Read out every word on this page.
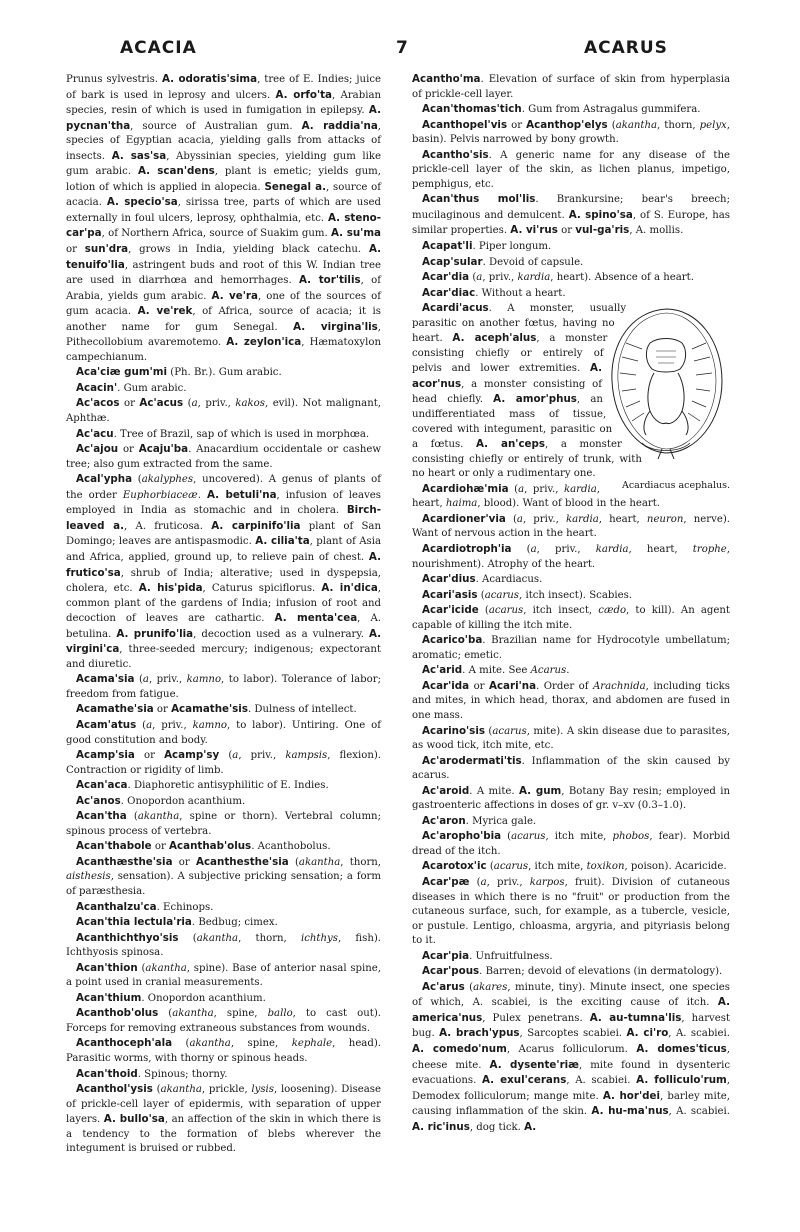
ACACIA	7	ACARUS

Prunus sylvestris. A. odoratis'sima, tree of E. Indies; juice of bark is used in leprosy and ulcers. A. orfo'ta, Arabian species, resin of which is used in fumigation in epilepsy. A. pycnan'tha, source of Australian gum. A. raddia'na, species of Egyptian acacia, yielding galls from attacks of insects. A. sas'sa, Abyssinian species, yielding gum like gum arabic. A. scan'dens, plant is emetic; yields gum, lotion of which is applied in alopecia. Senegal a., source of acacia. A. specio'sa, sirissa tree, parts of which are used externally in foul ulcers, leprosy, ophthalmia, etc. A. steno-car'pa, of Northern Africa, source of Suakim gum. A. su'ma or sun'dra, grows in India, yielding black catechu. A. tenuifo'lia, astringent buds and root of this W. Indian tree are used in diarrhœa and hemorrhages. A. tor'tilis, of Arabia, yields gum arabic. A. ve'ra, one of the sources of gum acacia. A. ve'rek, of Africa, source of acacia; it is another name for gum Senegal. A. virgina'lis, Pithecollobium avaremotemo. A. zeylon'ica, Hæmatoxylon campechianum.

Aca'ciæ gum'mi (Ph. Br.). Gum arabic.

Acacin'. Gum arabic.

Ac'acos or Ac'acus (a, priv., kakos, evil). Not malignant, Aphthæ.

Ac'acu. Tree of Brazil, sap of which is used in morphœa.

Ac'ajou or Acaju'ba. Anacardium occidentale or cashew tree; also gum extracted from the same.

Acal'ypha (akalyphes, uncovered). A genus of plants of the order Euphorbiaceæ. A. betuli'na, infusion of leaves employed in India as stomachic and in cholera. Birch-leaved a., A. fruticosa. A. carpinifo'lia plant of San Domingo; leaves are antispasmodic. A. cilia'ta, plant of Asia and Africa, applied, ground up, to relieve pain of chest. A. frutico'sa, shrub of India; alterative; used in dyspepsia, cholera, etc. A. his'pida, Caturus spiciflorus. A. in'dica, common plant of the gardens of India; infusion of root and decoction of leaves are cathartic. A. menta'cea, A. betulina. A. prunifo'lia, decoction used as a vulnerary. A. virgini'ca, three-seeded mercury; indigenous; expectorant and diuretic.

Acama'sia (a, priv., kamno, to labor). Tolerance of labor; freedom from fatigue.

Acamathe'sia or Acamathe'sis. Dulness of intellect.

Acam'atus (a, priv., kamno, to labor). Untiring. One of good constitution and body.

Acamp'sia or Acamp'sy (a, priv., kampsis, flexion). Contraction or rigidity of limb.

Acan'aca. Diaphoretic antisyphilitic of E. Indies.

Ac'anos. Onopordon acanthium.

Acan'tha (akantha, spine or thorn). Vertebral column; spinous process of vertebra.

Acan'thabole or Acanthab'olus. Acanthobolus.

Acanthæsthe'sia or Acanthesthe'sia (akantha, thorn, aisthesis, sensation). A subjective pricking sensation; a form of paræsthesia.

Acanthalzu'ca. Echinops.

Acan'thia lectula'ria. Bedbug; cimex.

Acanthichthyo'sis (akantha, thorn, ichthys, fish). Ichthyosis spinosa.

Acan'thion (akantha, spine). Base of anterior nasal spine, a point used in cranial measurements.

Acan'thium. Onopordon acanthium.

Acanthob'olus (akantha, spine, ballo, to cast out). Forceps for removing extraneous substances from wounds.

Acanthoceph'ala (akantha, spine, kephale, head). Parasitic worms, with thorny or spinous heads.

Acan'thoid. Spinous; thorny.

Acanthol'ysis (akantha, prickle, lysis, loosening). Disease of prickle-cell layer of epidermis, with separation of upper layers. A. bullo'sa, an affection of the skin in which there is a tendency to the formation of blebs wherever the integument is bruised or rubbed.

Acantho'ma. Elevation of surface of skin from hyperplasia of prickle-cell layer.

Acan'thomas'tich. Gum from Astragalus gummifera.

Acanthopel'vis or Acanthop'elys (akantha, thorn, pelyx, basin). Pelvis narrowed by bony growth.

Acantho'sis. A generic name for any disease of the prickle-cell layer of the skin, as lichen planus, impetigo, pemphigus, etc.

Acan'thus mol'lis. Brankursine; bear's breech; mucilaginous and demulcent. A. spino'sa, of S. Europe, has similar properties. A. vi'rus or vul-ga'ris, A. mollis.

Acapat'li. Piper longum.

Acap'sular. Devoid of capsule.

Acar'dia (a, priv., kardia, heart). Absence of a heart.

Acar'diac. Without a heart.

Acardi'acus. A monster, usually parasitic on another fœtus, having no heart. A. aceph'alus, a monster consisting chiefly or entirely of pelvis and lower extremities. A. acor'nus, a monster consisting of head chiefly. A. amor'phus, an undifferentiated mass of tissue, covered with integument, parasitic on a fœtus. A. an'ceps, a monster consisting chiefly or entirely of trunk, with no heart or only a rudimentary one.

Acardiacus acephalus.

Acardiohæ'mia (a, priv., kardia, heart, haima, blood). Want of blood in the heart.

Acardioner'via (a, priv., kardia, heart, neuron, nerve). Want of nervous action in the heart.

Acardiotroph'ia (a, priv., kardia, heart, trophe, nourishment). Atrophy of the heart.

Acar'dius. Acardiacus.

Acari'asis (acarus, itch insect). Scabies.

Acar'icide (acarus, itch insect, cædo, to kill). An agent capable of killing the itch mite.

Acarico'ba. Brazilian name for Hydrocotyle umbellatum; aromatic; emetic.

Ac'arid. A mite. See Acarus.

Acar'ida or Acari'na. Order of Arachnida, including ticks and mites, in which head, thorax, and abdomen are fused in one mass.

Acarino'sis (acarus, mite). A skin disease due to parasites, as wood tick, itch mite, etc.

Ac'arodermati'tis. Inflammation of the skin caused by acarus.

Ac'aroid. A mite. A. gum, Botany Bay resin; employed in gastroenteric affections in doses of gr. v–xv (0.3–1.0).

Ac'aron. Myrica gale.

Ac'aropho'bia (acarus, itch mite, phobos, fear). Morbid dread of the itch.

Acarotox'ic (acarus, itch mite, toxikon, poison). Acaricide.

Acar'pæ (a, priv., karpos, fruit). Division of cutaneous diseases in which there is no "fruit" or production from the cutaneous surface, such, for example, as a tubercle, vesicle, or pustule. Lentigo, chloasma, argyria, and pityriasis belong to it.

Acar'pia. Unfruitfulness.

Acar'pous. Barren; devoid of elevations (in dermatology).

Ac'arus (akares, minute, tiny). Minute insect, one species of which, A. scabiei, is the exciting cause of itch. A. america'nus, Pulex penetrans. A. au-tumna'lis, harvest bug. A. brach'ypus, Sarcoptes scabiei. A. ci'ro, A. scabiei. A. comedo'num, Acarus folliculorum. A. domes'ticus, cheese mite. A. dysente'riæ, mite found in dysenteric evacuations. A. exul'cerans, A. scabiei. A. folliculo'rum, Demodex folliculorum; mange mite. A. hor'dei, barley mite, causing inflammation of the skin. A. hu-ma'nus, A. scabiei. A. ric'inus, dog tick. A.
